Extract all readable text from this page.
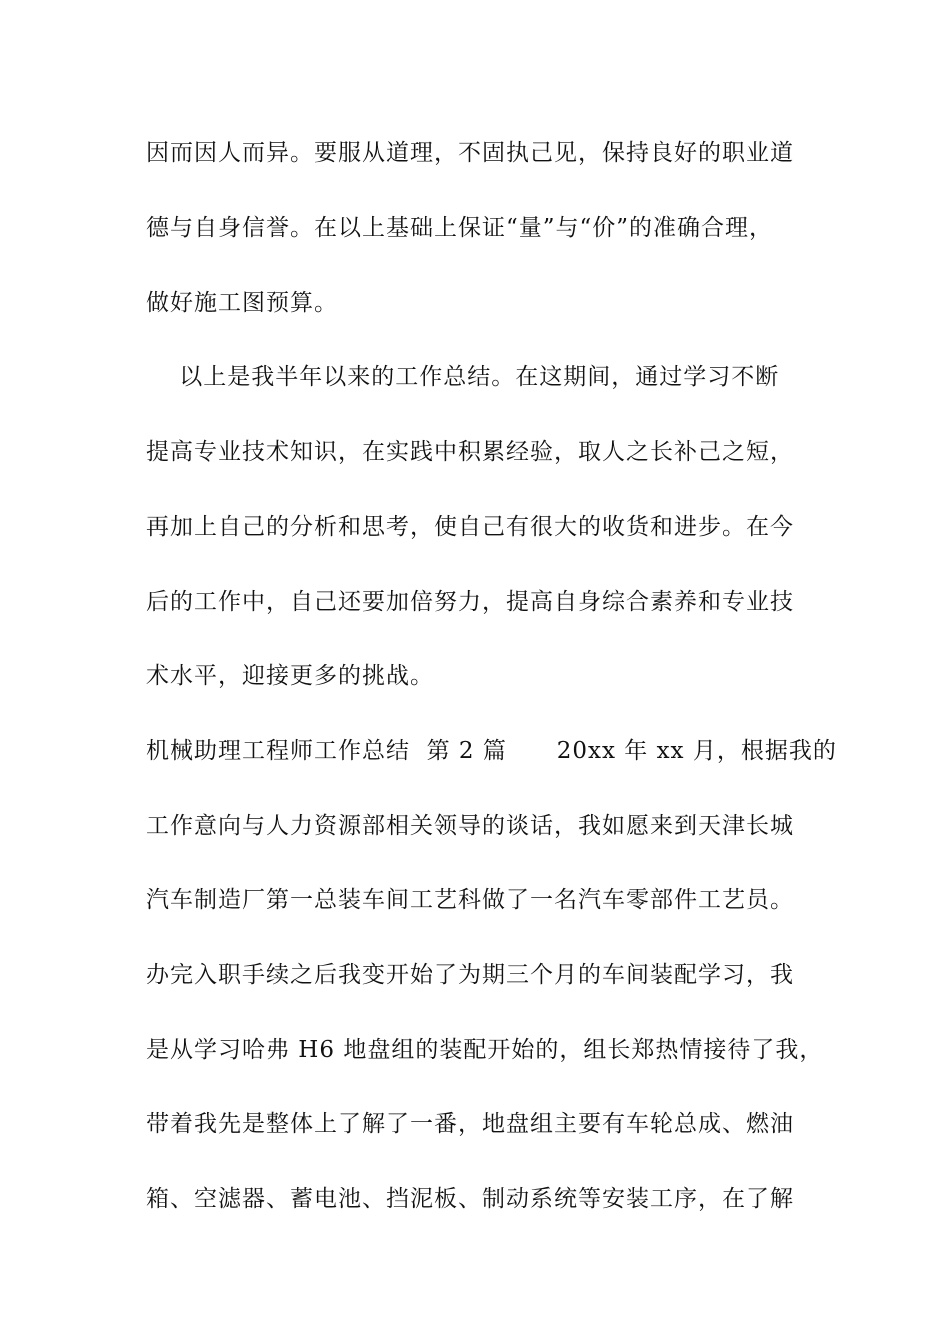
因而因人而异。要服从道理，不固执己见，保持良好的职业道
德与自身信誉。在以上基础上保证“量”与“价”的准确合理，
做好施工图预算。
以上是我半年以来的工作总结。在这期间，通过学习不断
提高专业技术知识，在实践中积累经验，取人之长补己之短，
再加上自己的分析和思考，使自己有很大的收货和进步。在今
后的工作中，自己还要加倍努力，提高自身综合素养和专业技
术水平，迎接更多的挑战。
机械助理工程师工作总结  第 2 篇      20xx 年 xx 月，根据我的
工作意向与人力资源部相关领导的谈话，我如愿来到天津长城
汽车制造厂第一总装车间工艺科做了一名汽车零部件工艺员。
办完入职手续之后我变开始了为期三个月的车间装配学习，我
是从学习哈弗 H6 地盘组的装配开始的，组长郑热情接待了我，
带着我先是整体上了解了一番，地盘组主要有车轮总成、燃油
箱、空滤器、蓄电池、挡泥板、制动系统等安装工序，在了解
